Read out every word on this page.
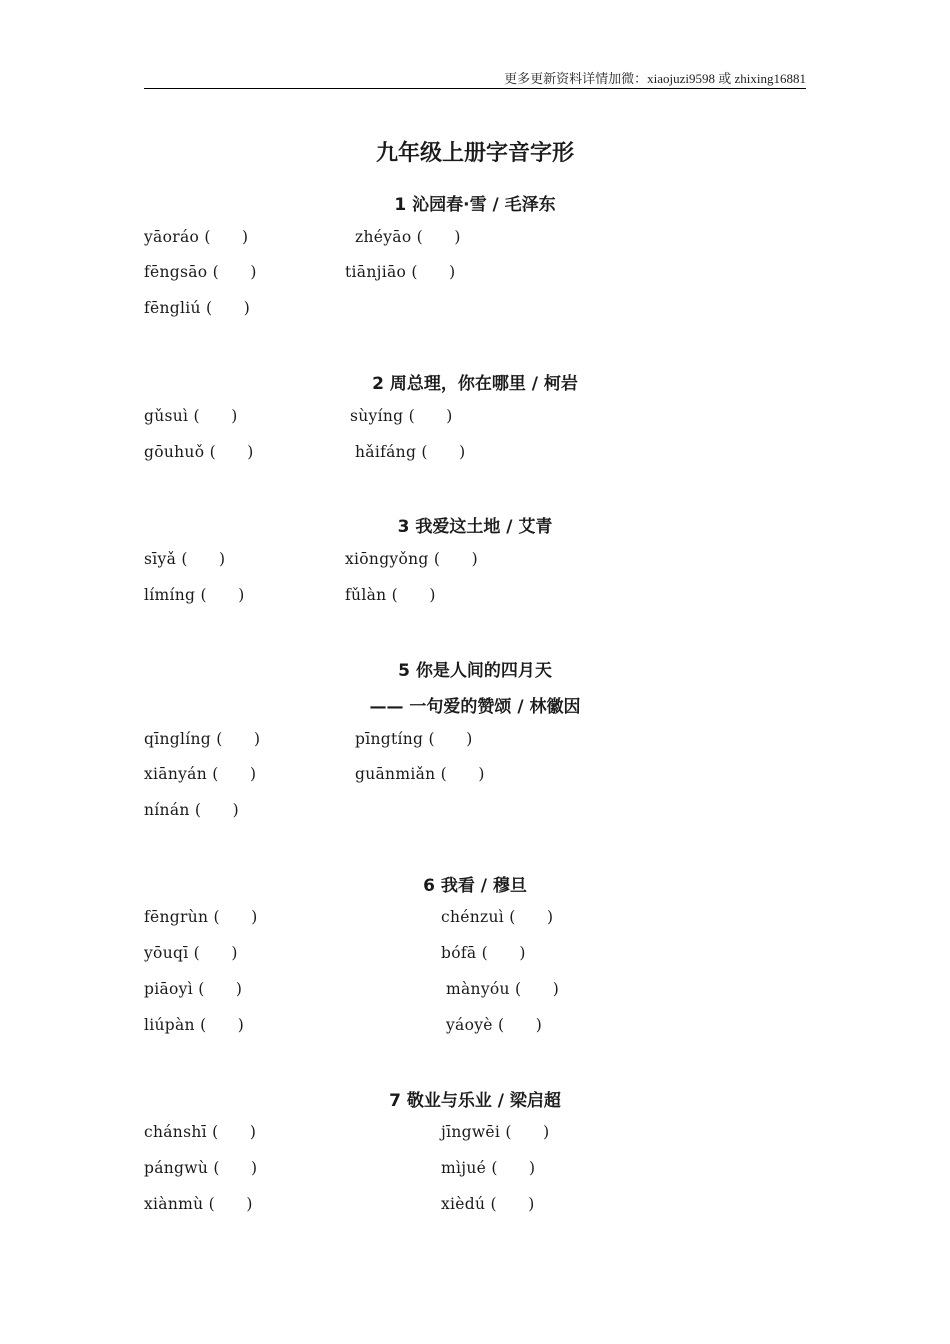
更多更新资料详情加微：xiaojuzi9598 或 zhixing16881
九年级上册字音字形
1 沁园春·雪 / 毛泽东
yāoráo (      )	zhéyāo (      )
fēngsāo (      )	tiānjiāo (      )
fēngliú (      )
2 周总理，你在哪里 / 柯岩
gǔsuì (      )	sùyíng (      )
gōuhuǒ (      )	hǎifáng (      )
3 我爱这土地 / 艾青
sīyǎ (      )	xiōngyǒng (      )
límíng (      )	fǔlàn (      )
5 你是人间的四月天
—— 一句爱的赞颂 / 林徽因
qīnglíng (      )	pīngtíng (      )
xiānyán (      )	guānmiǎn (      )
nínán (      )
6 我看 / 穆旦
fēngrùn (      )	chénzuì (      )
yōuqī (      )	bófā (      )
piāoyì (      )	mànyóu (      )
liúpàn (      )	yáoyè (      )
7 敬业与乐业 / 梁启超
chánshī (      )	jīngwēi (      )
pángwù (      )	mìjué (      )
xiànmù (      )	xièdú (      )
